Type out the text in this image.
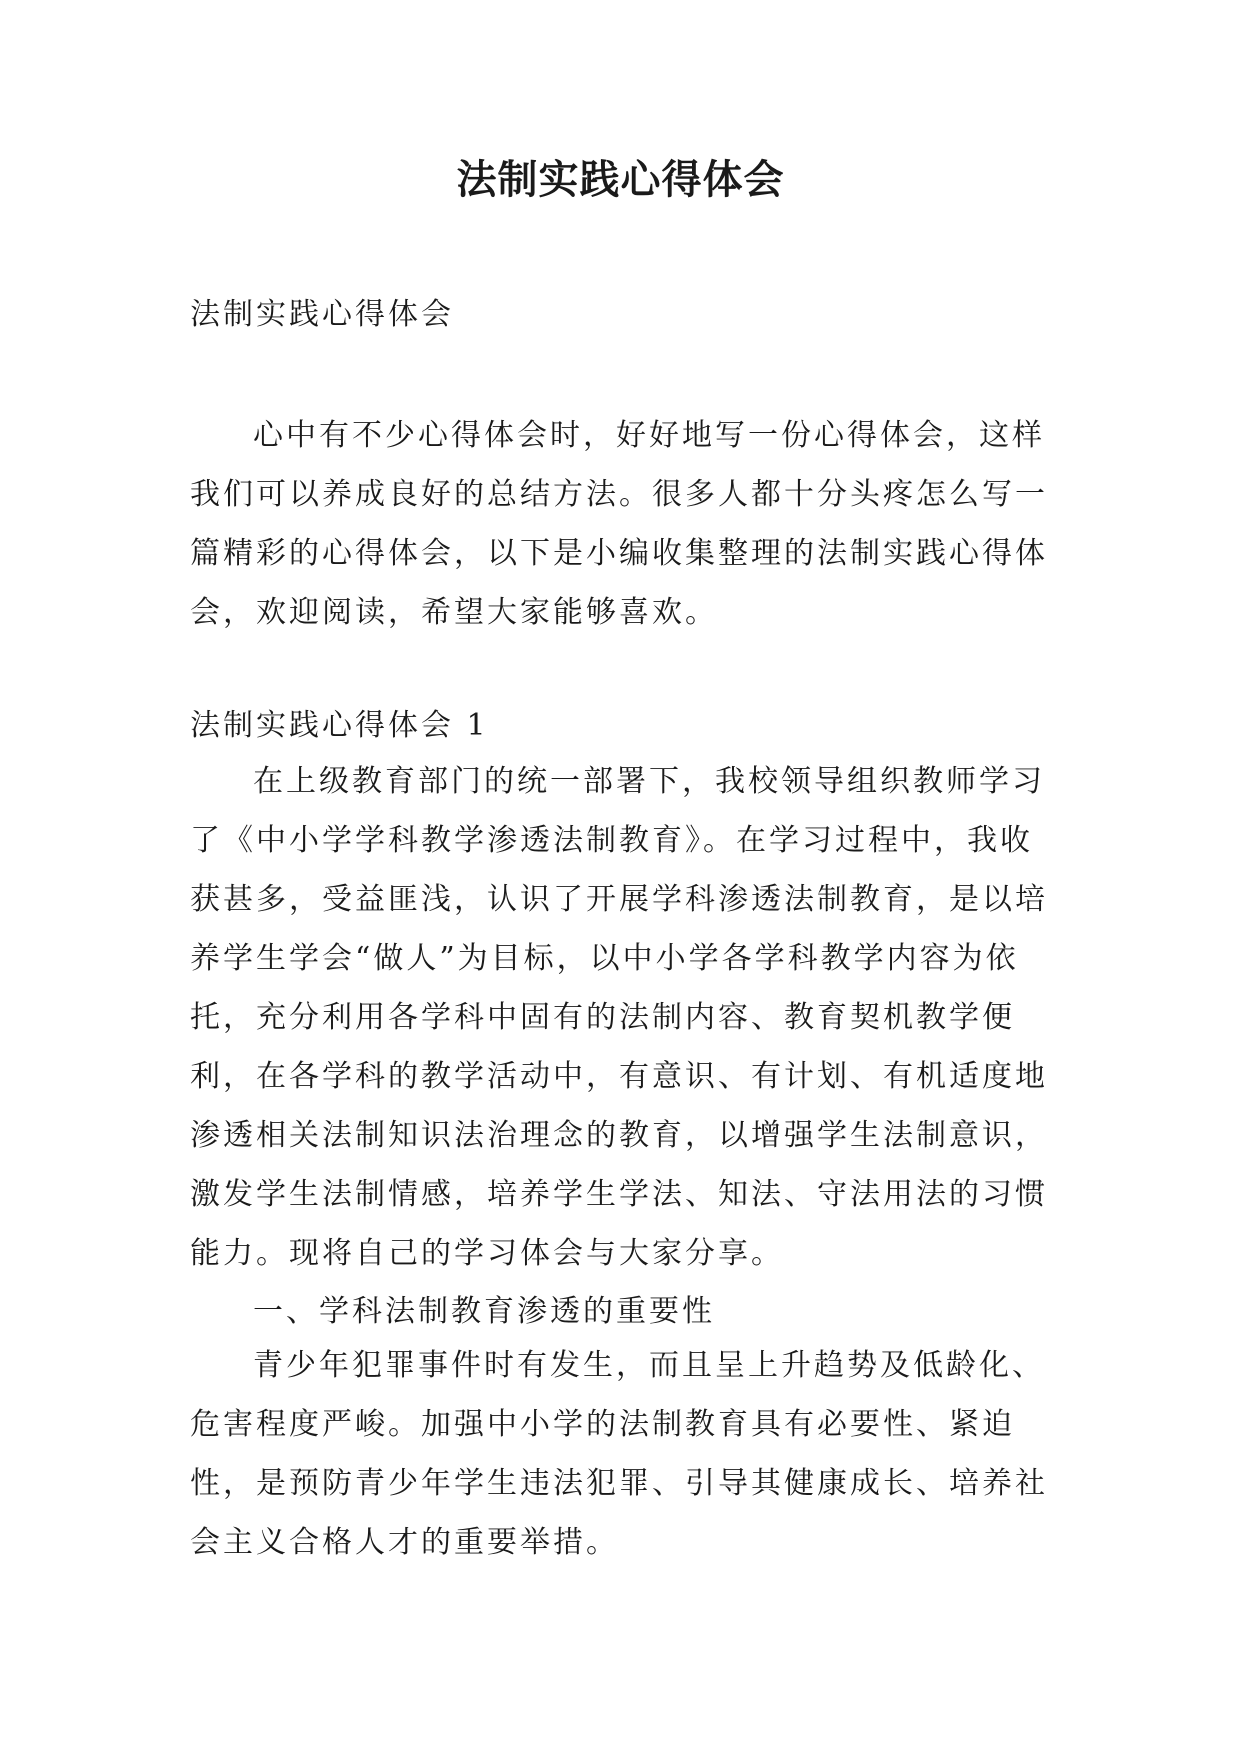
法制实践心得体会

法制实践心得体会

心中有不少心得体会时，好好地写一份心得体会，这样我们可以养成良好的总结方法。很多人都十分头疼怎么写一篇精彩的心得体会，以下是小编收集整理的法制实践心得体会，欢迎阅读，希望大家能够喜欢。

法制实践心得体会 1

在上级教育部门的统一部署下，我校领导组织教师学习了《中小学学科教学渗透法制教育》。在学习过程中，我收获甚多，受益匪浅，认识了开展学科渗透法制教育，是以培养学生学会“做人”为目标，以中小学各学科教学内容为依托，充分利用各学科中固有的法制内容、教育契机教学便利，在各学科的教学活动中，有意识、有计划、有机适度地渗透相关法制知识法治理念的教育，以增强学生法制意识，激发学生法制情感，培养学生学法、知法、守法用法的习惯能力。现将自己的学习体会与大家分享。

一、学科法制教育渗透的重要性

青少年犯罪事件时有发生，而且呈上升趋势及低龄化、危害程度严峻。加强中小学的法制教育具有必要性、紧迫性，是预防青少年学生违法犯罪、引导其健康成长、培养社会主义合格人才的重要举措。
